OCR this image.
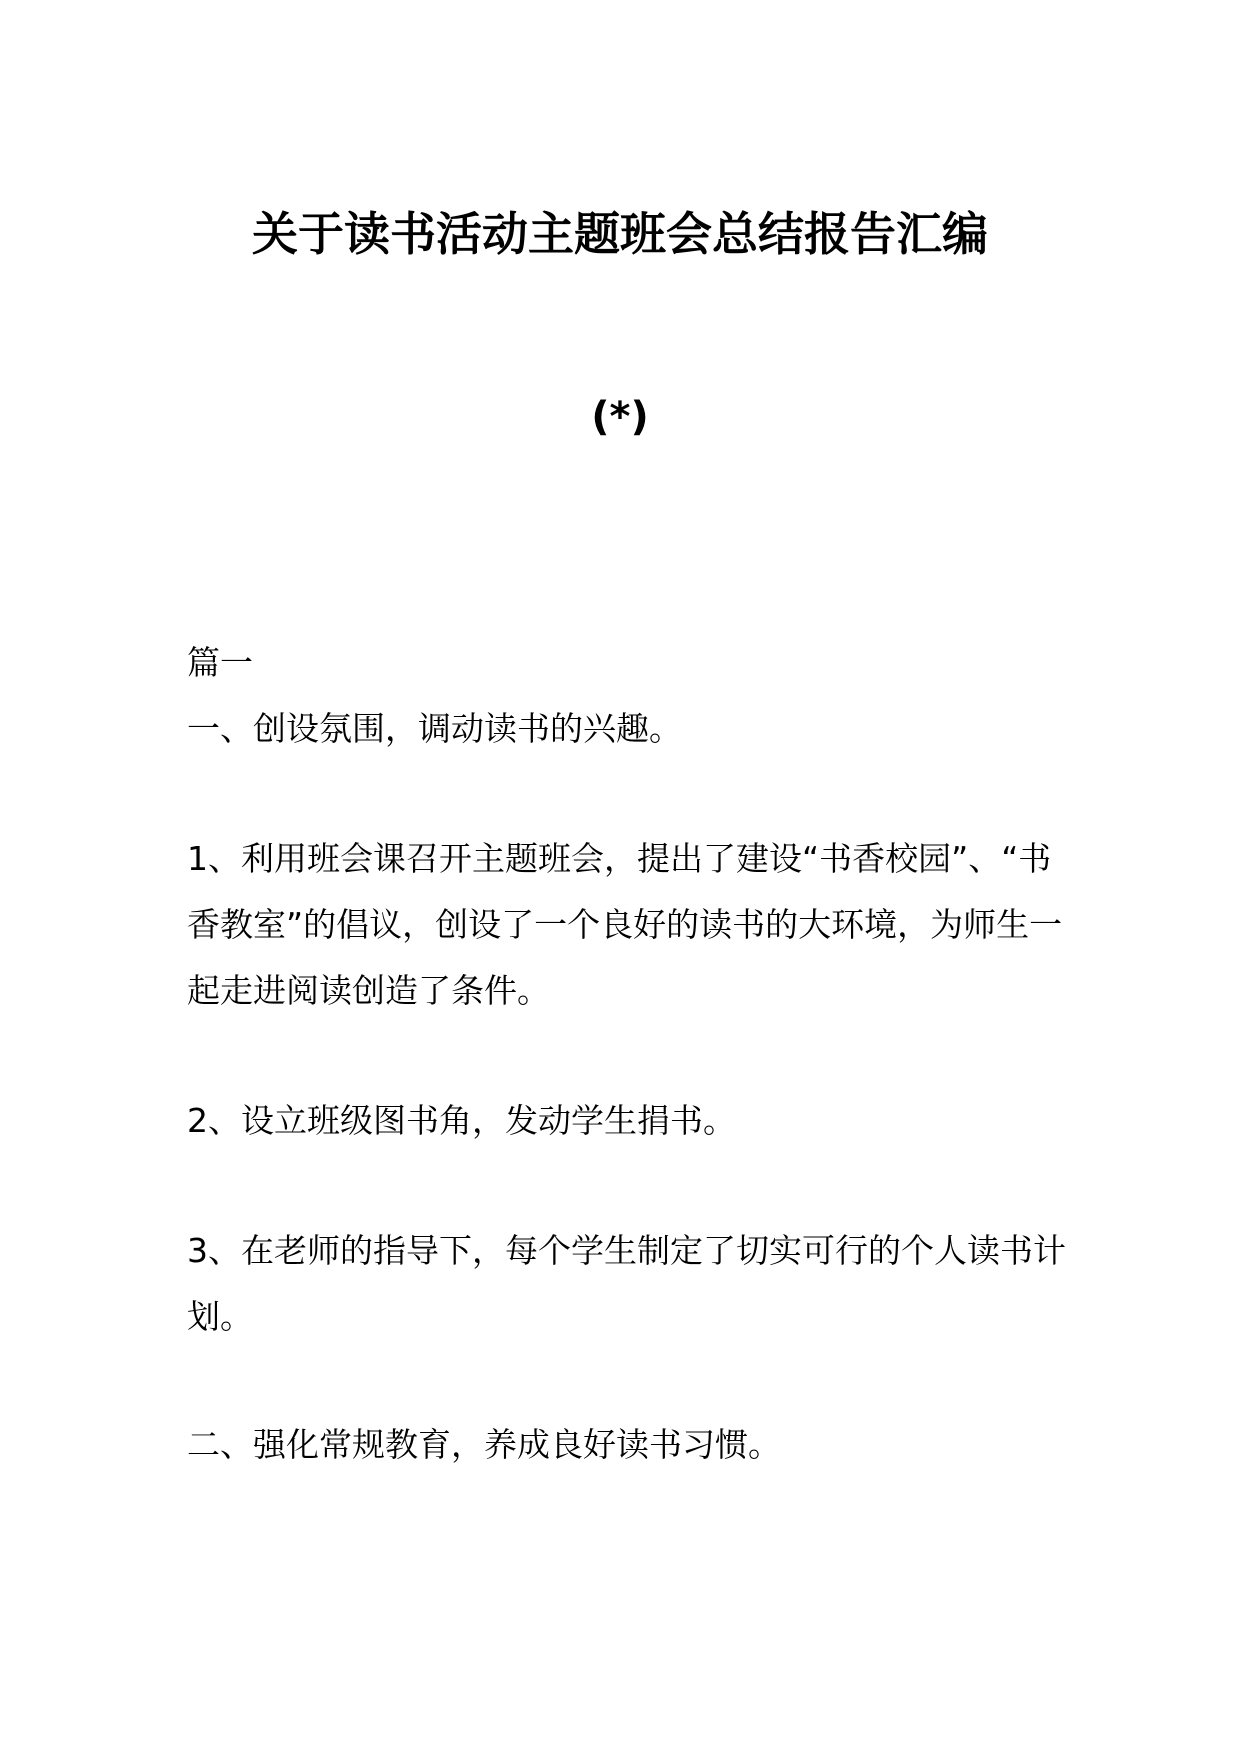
关于读书活动主题班会总结报告汇编
(*)

篇一

一、创设氛围，调动读书的兴趣。

1、利用班会课召开主题班会，提出了建设“书香校园”、“书香教室”的倡议，创设了一个良好的读书的大环境，为师生一起走进阅读创造了条件。

2、设立班级图书角，发动学生捐书。

3、在老师的指导下，每个学生制定了切实可行的个人读书计划。

二、强化常规教育，养成良好读书习惯。
